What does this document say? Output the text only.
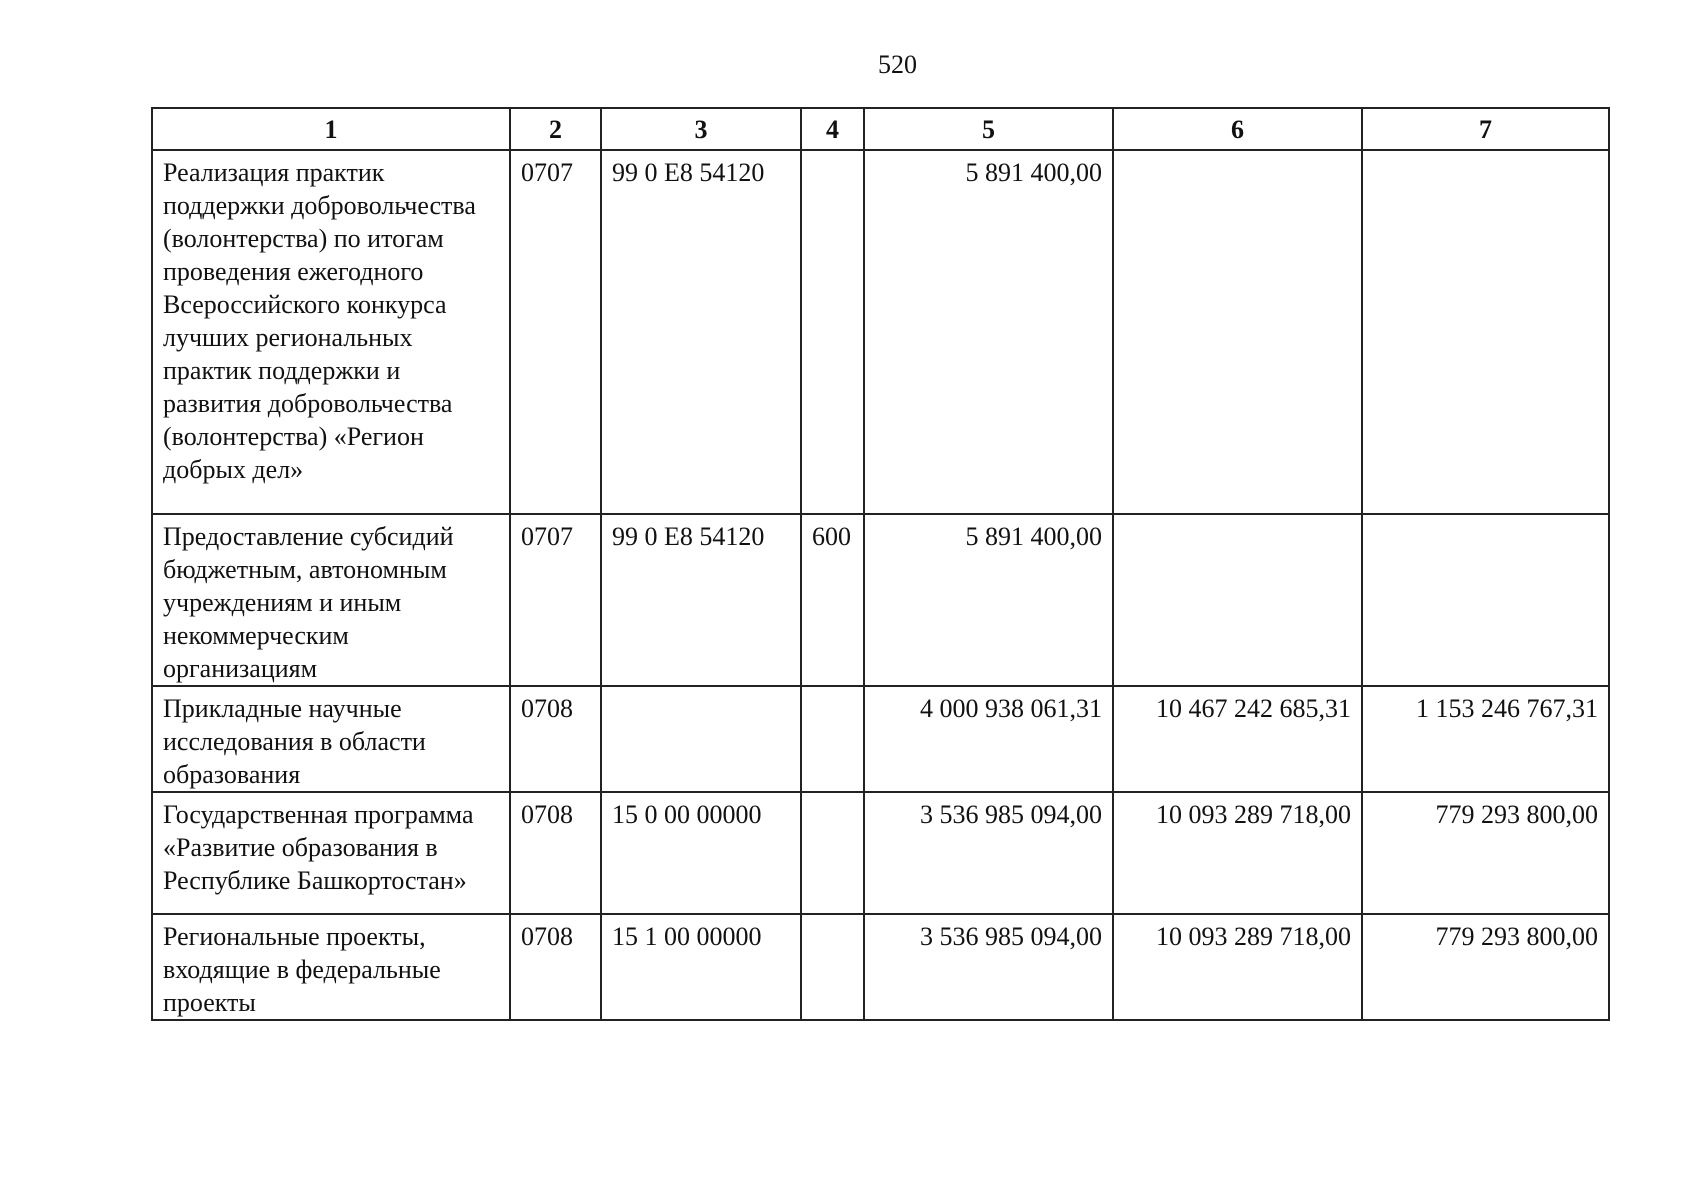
520
1	2	3	4	5	6	7
Реализация практик поддержки добровольчества (волонтерства) по итогам проведения ежегодного Всероссийского конкурса лучших региональных практик поддержки и развития добровольчества (волонтерства) «Регион добрых дел»	0707	99 0 E8 54120		5 891 400,00		
Предоставление субсидий бюджетным, автономным учреждениям и иным некоммерческим организациям	0707	99 0 E8 54120	600	5 891 400,00		
Прикладные научные исследования в области образования	0708			4 000 938 061,31	10 467 242 685,31	1 153 246 767,31
Государственная программа «Развитие образования в Республике Башкортостан»	0708	15 0 00 00000		3 536 985 094,00	10 093 289 718,00	779 293 800,00
Региональные проекты, входящие в федеральные проекты	0708	15 1 00 00000		3 536 985 094,00	10 093 289 718,00	779 293 800,00
